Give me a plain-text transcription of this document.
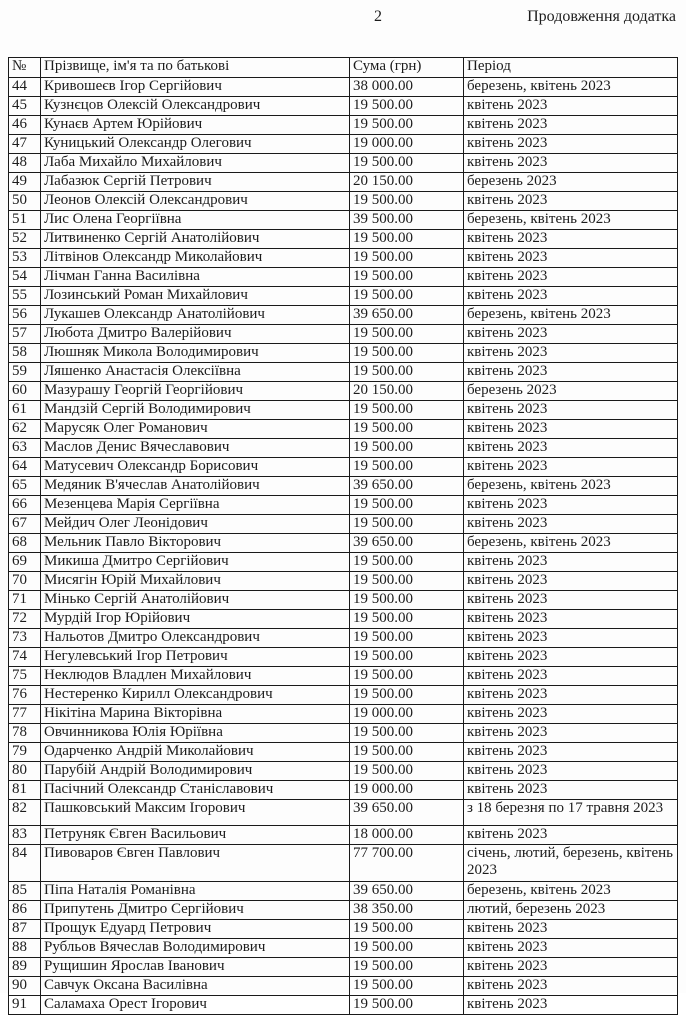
2	Продовження додатка
№	Прізвище, ім'я та по батькові	Сума (грн)	Період
44	Кривошеєв Ігор Сергійович	38 000.00	березень, квітень 2023
45	Кузнєцов Олексій Олександрович	19 500.00	квітень 2023
46	Кунаєв Артем Юрійович	19 500.00	квітень 2023
47	Куницький Олександр Олегович	19 000.00	квітень 2023
48	Лаба Михайло Михайлович	19 500.00	квітень 2023
49	Лабазюк Сергій Петрович	20 150.00	березень 2023
50	Леонов Олексій Олександрович	19 500.00	квітень 2023
51	Лис Олена Георгіївна	39 500.00	березень, квітень 2023
52	Литвиненко Сергій Анатолійович	19 500.00	квітень 2023
53	Літвінов Олександр Миколайович	19 500.00	квітень 2023
54	Лічман Ганна Василівна	19 500.00	квітень 2023
55	Лозинський Роман Михайлович	19 500.00	квітень 2023
56	Лукашев Олександр Анатолійович	39 650.00	березень, квітень 2023
57	Любота Дмитро Валерійович	19 500.00	квітень 2023
58	Люшняк Микола Володимирович	19 500.00	квітень 2023
59	Ляшенко Анастасія Олексіївна	19 500.00	квітень 2023
60	Мазурашу Георгій Георгійович	20 150.00	березень 2023
61	Мандзій Сергій Володимирович	19 500.00	квітень 2023
62	Марусяк Олег Романович	19 500.00	квітень 2023
63	Маслов Денис Вячеславович	19 500.00	квітень 2023
64	Матусевич Олександр Борисович	19 500.00	квітень 2023
65	Медяник В'ячеслав Анатолійович	39 650.00	березень, квітень 2023
66	Мезенцева Марія Сергіївна	19 500.00	квітень 2023
67	Мейдич Олег Леонідович	19 500.00	квітень 2023
68	Мельник Павло Вікторович	39 650.00	березень, квітень 2023
69	Микиша Дмитро Сергійович	19 500.00	квітень 2023
70	Мисягін Юрій Михайлович	19 500.00	квітень 2023
71	Мінько Сергій Анатолійович	19 500.00	квітень 2023
72	Мурдій Ігор Юрійович	19 500.00	квітень 2023
73	Нальотов Дмитро Олександрович	19 500.00	квітень 2023
74	Негулевський Ігор Петрович	19 500.00	квітень 2023
75	Неклюдов Владлен Михайлович	19 500.00	квітень 2023
76	Нестеренко Кирилл Олександрович	19 500.00	квітень 2023
77	Нікітіна Марина Вікторівна	19 000.00	квітень 2023
78	Овчинникова Юлія Юріївна	19 500.00	квітень 2023
79	Одарченко Андрій Миколайович	19 500.00	квітень 2023
80	Парубій Андрій Володимирович	19 500.00	квітень 2023
81	Пасічний Олександр Станіславович	19 000.00	квітень 2023
82	Пашковський Максим Ігорович	39 650.00	з 18 березня по 17 травня 2023

83	Петруняк Євген Васильович	18 000.00	квітень 2023
84	Пивоваров Євген Павлович	77 700.00	січень, лютий, березень, квітень 2023
85	Піпа Наталія Романівна	39 650.00	березень, квітень 2023
86	Припутень Дмитро Сергійович	38 350.00	лютий, березень 2023
87	Прощук Едуард Петрович	19 500.00	квітень 2023
88	Рубльов Вячеслав Володимирович	19 500.00	квітень 2023
89	Рущишин Ярослав Іванович	19 500.00	квітень 2023
90	Савчук Оксана Василівна	19 500.00	квітень 2023
91	Саламаха Орест Ігорович	19 500.00	квітень 2023
